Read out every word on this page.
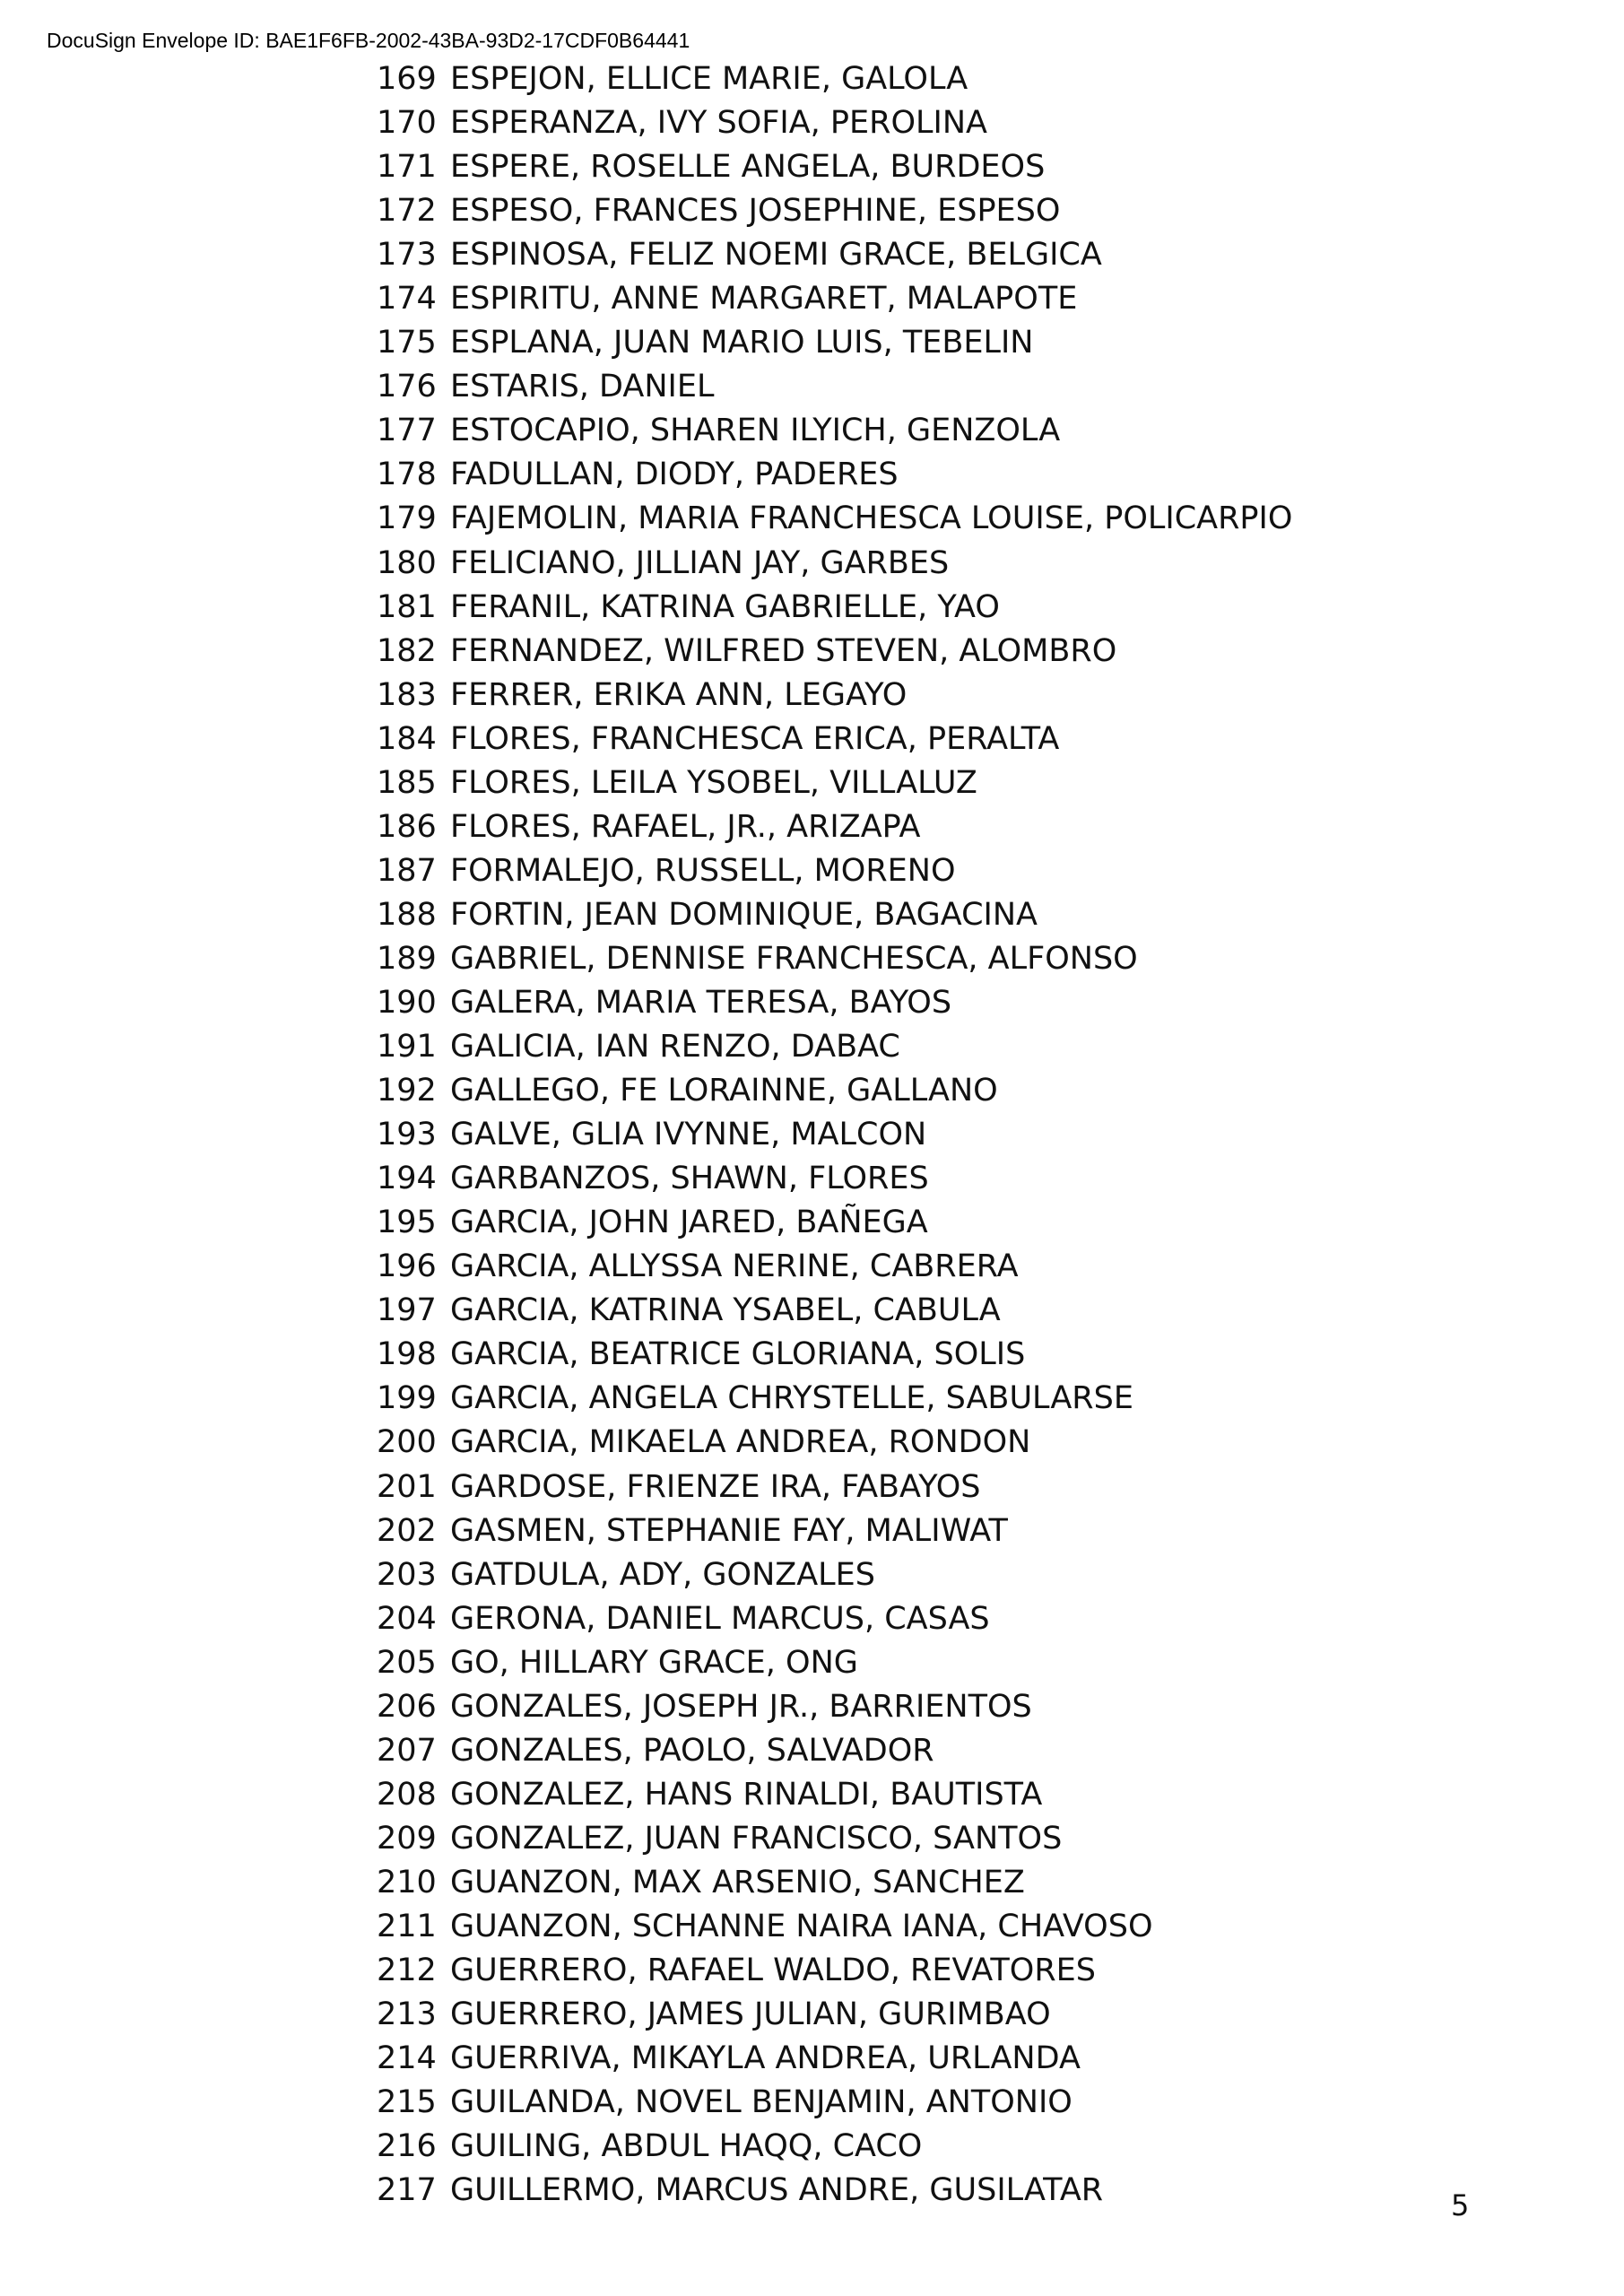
DocuSign Envelope ID: BAE1F6FB-2002-43BA-93D2-17CDF0B64441
169 ESPEJON, ELLICE MARIE, GALOLA
170 ESPERANZA, IVY SOFIA, PEROLINA
171 ESPERE, ROSELLE ANGELA, BURDEOS
172 ESPESO, FRANCES JOSEPHINE, ESPESO
173 ESPINOSA, FELIZ NOEMI GRACE, BELGICA
174 ESPIRITU, ANNE MARGARET, MALAPOTE
175 ESPLANA, JUAN MARIO LUIS, TEBELIN
176 ESTARIS, DANIEL
177 ESTOCAPIO, SHAREN ILYICH, GENZOLA
178 FADULLAN, DIODY, PADERES
179 FAJEMOLIN, MARIA FRANCHESCA LOUISE, POLICARPIO
180 FELICIANO, JILLIAN JAY, GARBES
181 FERANIL, KATRINA GABRIELLE, YAO
182 FERNANDEZ, WILFRED STEVEN, ALOMBRO
183 FERRER, ERIKA ANN, LEGAYO
184 FLORES, FRANCHESCA ERICA, PERALTA
185 FLORES, LEILA YSOBEL, VILLALUZ
186 FLORES, RAFAEL, JR., ARIZAPA
187 FORMALEJO, RUSSELL, MORENO
188 FORTIN, JEAN DOMINIQUE, BAGACINA
189 GABRIEL, DENNISE FRANCHESCA, ALFONSO
190 GALERA, MARIA TERESA, BAYOS
191 GALICIA, IAN RENZO, DABAC
192 GALLEGO, FE LORAINNE, GALLANO
193 GALVE, GLIA IVYNNE, MALCON
194 GARBANZOS, SHAWN, FLORES
195 GARCIA, JOHN JARED, BAÑEGA
196 GARCIA, ALLYSSA NERINE, CABRERA
197 GARCIA, KATRINA YSABEL, CABULA
198 GARCIA, BEATRICE GLORIANA, SOLIS
199 GARCIA, ANGELA CHRYSTELLE, SABULARSE
200 GARCIA, MIKAELA ANDREA, RONDON
201 GARDOSE, FRIENZE IRA, FABAYOS
202 GASMEN, STEPHANIE FAY, MALIWAT
203 GATDULA, ADY, GONZALES
204 GERONA, DANIEL MARCUS, CASAS
205 GO, HILLARY GRACE, ONG
206 GONZALES, JOSEPH JR., BARRIENTOS
207 GONZALES, PAOLO, SALVADOR
208 GONZALEZ, HANS RINALDI, BAUTISTA
209 GONZALEZ, JUAN FRANCISCO, SANTOS
210 GUANZON, MAX ARSENIO, SANCHEZ
211 GUANZON, SCHANNE NAIRA IANA, CHAVOSO
212 GUERRERO, RAFAEL WALDO, REVATORES
213 GUERRERO, JAMES JULIAN, GURIMBAO
214 GUERRIVA, MIKAYLA ANDREA, URLANDA
215 GUILANDA, NOVEL BENJAMIN, ANTONIO
216 GUILING, ABDUL HAQQ, CACO
217 GUILLERMO, MARCUS ANDRE, GUSILATAR	5
